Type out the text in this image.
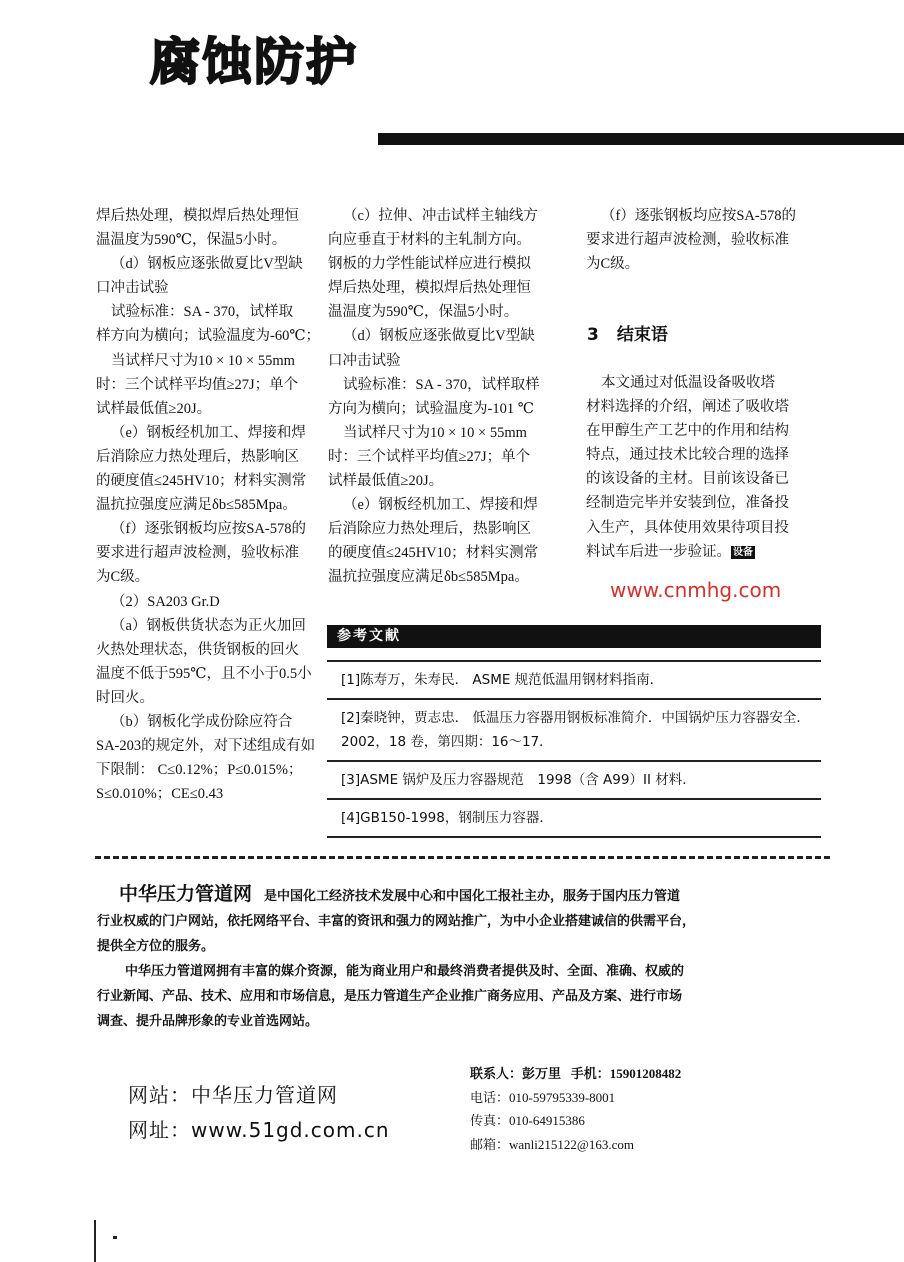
腐蚀防护
焊后热处理，模拟焊后热处理恒
温温度为590℃，保温5小时。
（d）钢板应逐张做夏比V型缺
口冲击试验
试验标准：SA - 370，试样取
样方向为横向；试验温度为-60℃；
当试样尺寸为10 × 10 × 55mm
时：三个试样平均值≥27J；单个
试样最低值≥20J。
（e）钢板经机加工、焊接和焊
后消除应力热处理后，热影响区
的硬度值≤245HV10；材料实测常
温抗拉强度应满足δb≤585Mpa。
（f）逐张钢板均应按SA-578的
要求进行超声波检测，验收标准
为C级。
（2）SA203 Gr.D
（a）钢板供货状态为正火加回
火热处理状态，供货钢板的回火
温度不低于595℃，且不小于0.5小
时回火。
（b）钢板化学成份除应符合
SA-203的规定外，对下述组成有如
下限制： C≤0.12%；P≤0.015%；
S≤0.010%；CE≤0.43
（c）拉伸、冲击试样主轴线方
向应垂直于材料的主轧制方向。
钢板的力学性能试样应进行模拟
焊后热处理，模拟焊后热处理恒
温温度为590℃，保温5小时。
（d）钢板应逐张做夏比V型缺
口冲击试验
试验标准：SA - 370，试样取样
方向为横向；试验温度为-101 ℃
当试样尺寸为10 × 10 × 55mm
时：三个试样平均值≥27J；单个
试样最低值≥20J。
（e）钢板经机加工、焊接和焊
后消除应力热处理后，热影响区
的硬度值≤245HV10；材料实测常
温抗拉强度应满足δb≤585Mpa。
（f）逐张钢板均应按SA-578的
要求进行超声波检测，验收标准
为C级。
3 结束语
本文通过对低温设备吸收塔
材料选择的介绍，阐述了吸收塔
在甲醇生产工艺中的作用和结构
特点，通过技术比较合理的选择
的该设备的主材。目前该设备已
经制造完毕并安装到位，准备投
入生产，具体使用效果待项目投
料试车后进一步验证。 设备
www.cnmhg.com
参考文献
[1]陈寿万，朱寿民． ASME 规范低温用钢材料指南．
[2]秦晓钟，贾志忠． 低温压力容器用钢板标准简介．中国锅炉压力容器安全．2002，18 卷，第四期：16～17．
[3]ASME 锅炉及压力容器规范　1998（含 A99）II 材料．
[4]GB150-1998，钢制压力容器．
中华压力管道网 是中国化工经济技术发展中心和中国化工报社主办，服务于国内压力管道
行业权威的门户网站，依托网络平台、丰富的资讯和强力的网站推广，为中小企业搭建诚信的供需平台，
提供全方位的服务。
中华压力管道网拥有丰富的媒介资源，能为商业用户和最终消费者提供及时、全面、准确、权威的
行业新闻、产品、技术、应用和市场信息，是压力管道生产企业推广商务应用、产品及方案、进行市场
调查、提升品牌形象的专业首选网站。
网站：中华压力管道网
网址：www.51gd.com.cn
联系人：彭万里 手机：15901208482
电话：010-59795339-8001
传真：010-64915386
邮箱：wanli215122@163.com
